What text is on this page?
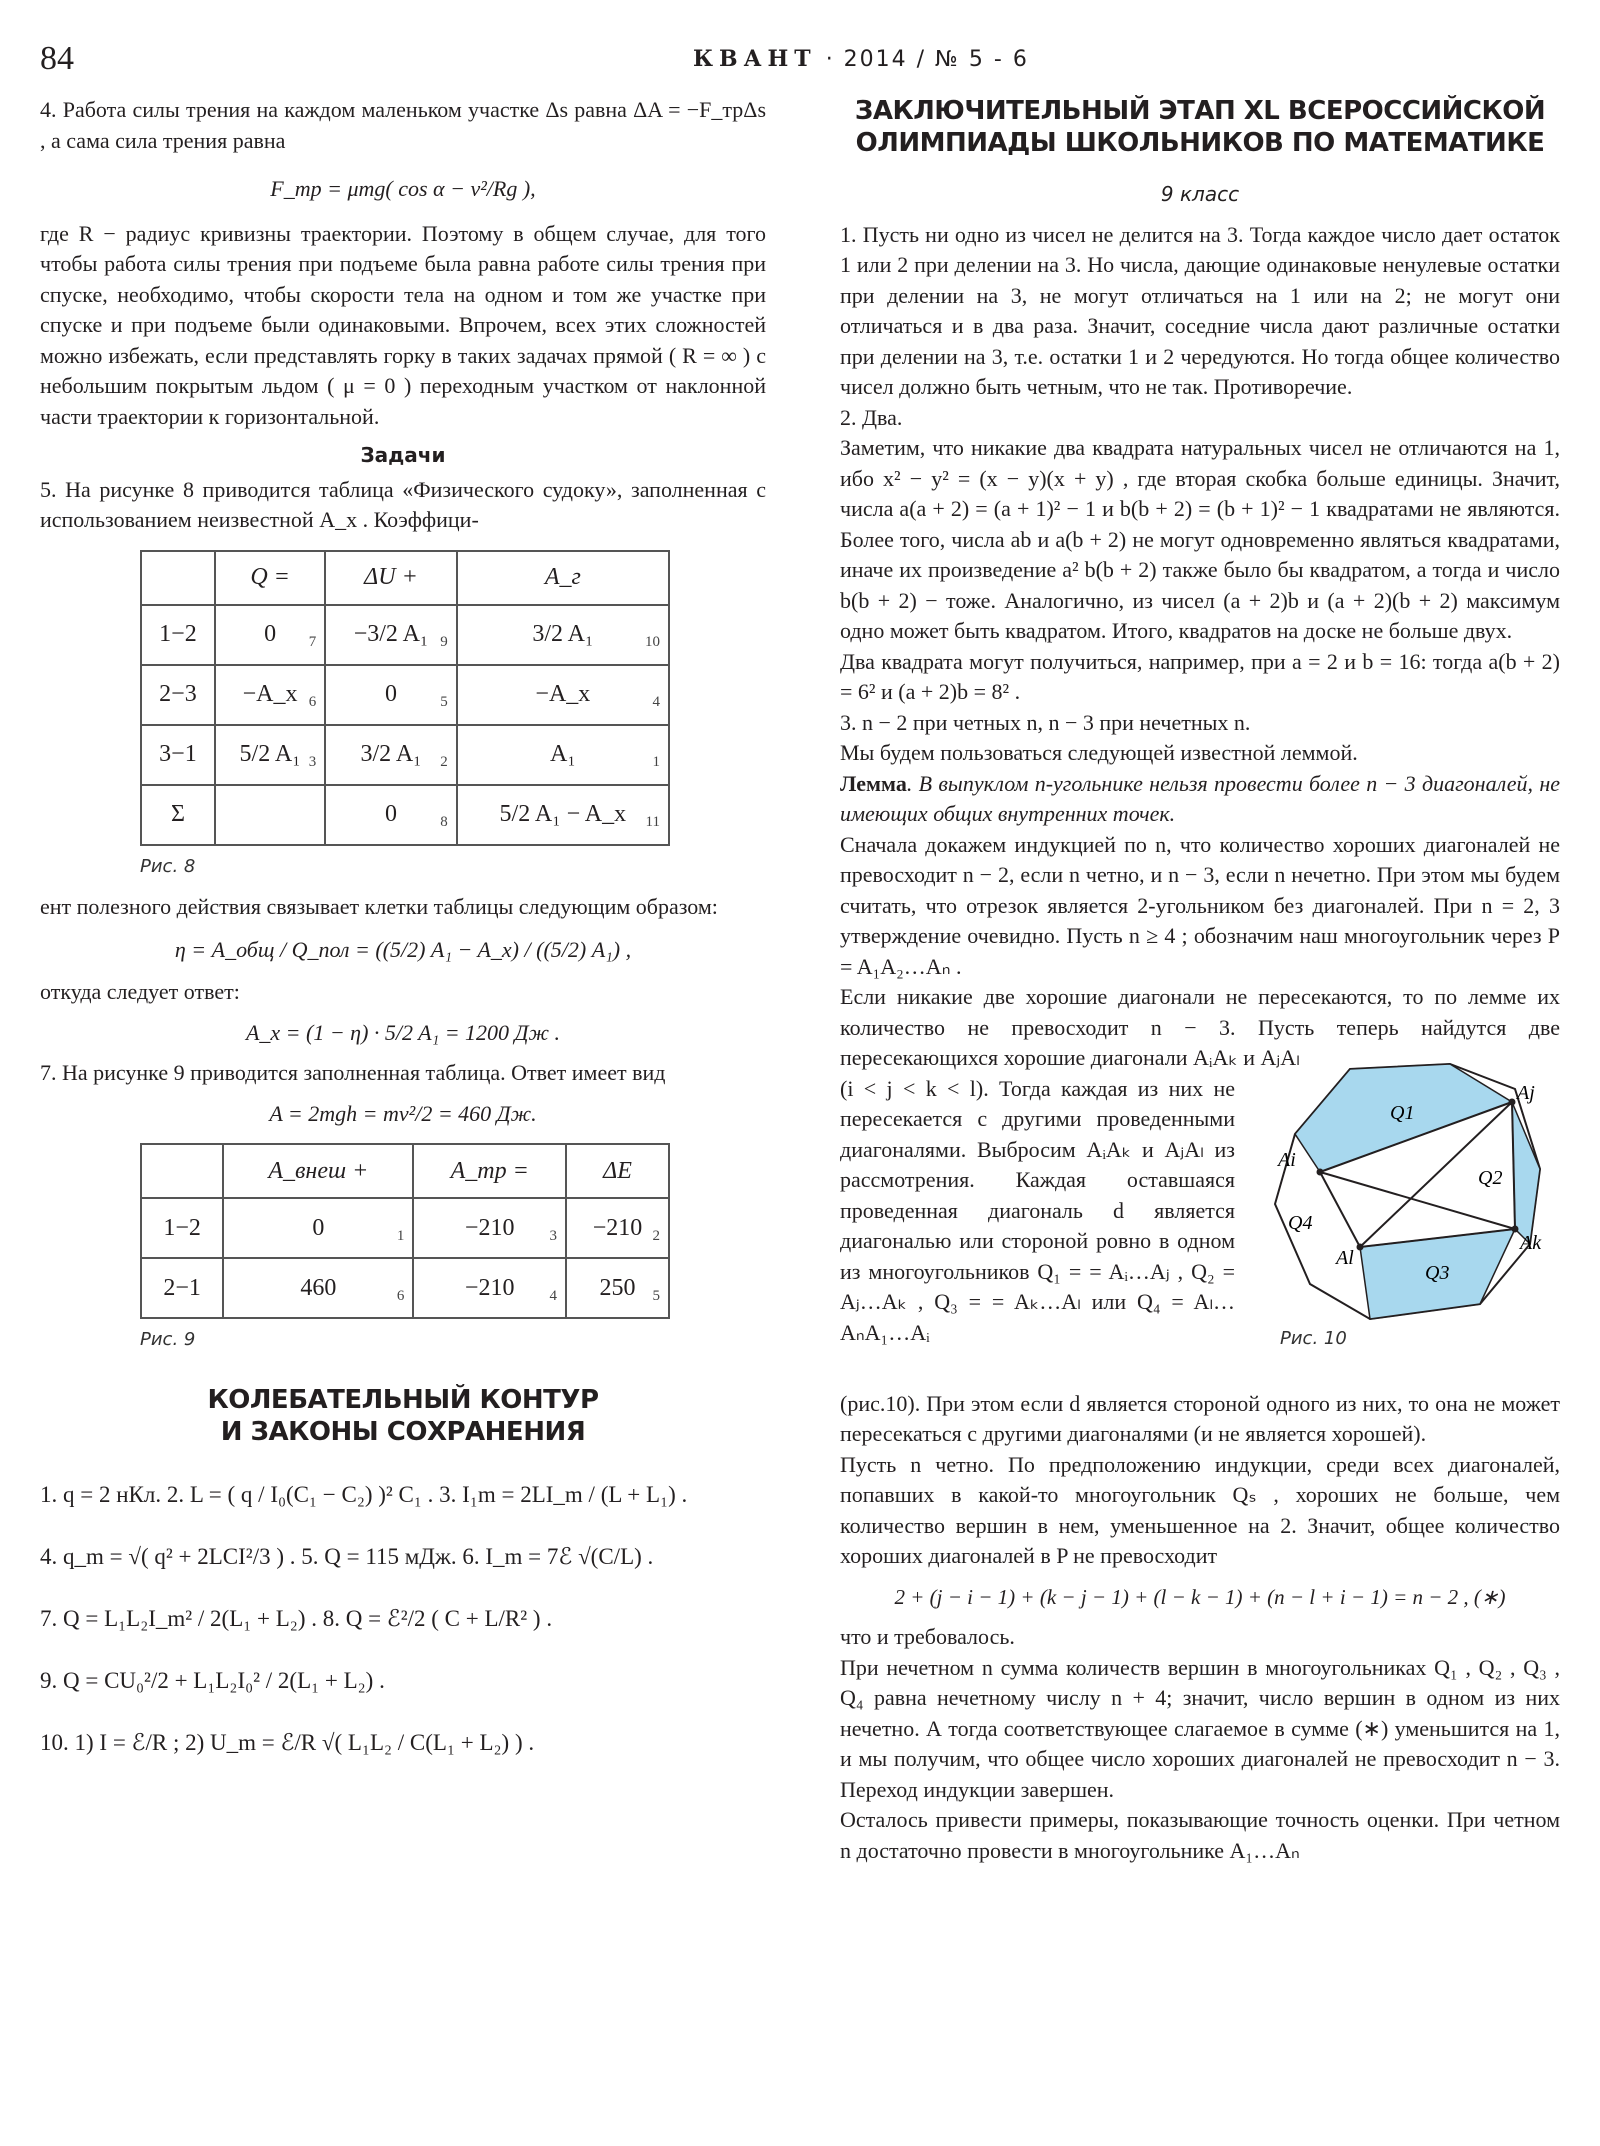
84	КВАНТ · 2014 / № 5 - 6

4. Работа силы трения на каждом маленьком участке Δs равна ΔA = −F_трΔs , а сама сила трения равна

F_тр = μmg( cos α − v²/Rg ),

где R − радиус кривизны траектории. Поэтому в общем случае, для того чтобы работа силы трения при подъеме была равна работе силы трения при спуске, необходимо, чтобы скорости тела на одном и том же участке при спуске и при подъеме были одинаковыми. Впрочем, всех этих сложностей можно избежать, если представлять горку в таких задачах прямой ( R = ∞ ) с небольшим покрытым льдом ( μ = 0 ) переходным участком от наклонной части траектории к горизонтальной.

Задачи

5. На рисунке 8 приводится таблица «Физического судоку», заполненная с использованием неизвестной A_x . Коэффици-

	Q =	ΔU +	A_г
1−2	0 7	−3/2 A₁ 9	3/2 A₁ 10

2−3	−A_x 6	0 5	−A_x 4

3−1	5/2 A₁ 3	3/2 A₁ 2	A₁ 1

Σ		0 8	5/2 A₁ − A_x 11
Рис. 8

ент полезного действия связывает клетки таблицы следующим образом:

η = A_общ / Q_пол = ((5/2) A₁ − A_x) / ((5/2) A₁) ,

откуда следует ответ:

A_x = (1 − η) · 5/2 A₁ = 1200 Дж .

7. На рисунке 9 приводится заполненная таблица. Ответ имеет вид

A = 2mgh = mv²/2 = 460 Дж.
	A_внеш +	A_тр =	ΔE
1−2	0 1	−210 3	−210 2

2−1	460 6	−210 4	250 5
Рис. 9
КОЛЕБАТЕЛЬНЫЙ КОНТУР
И ЗАКОНЫ СОХРАНЕНИЯ
1. q = 2 нКл. 2. L = ( q / I₀(C₁ − C₂) )² C₁ . 3. I₁m = 2LI_m / (L + L₁) .
4. q_m = √( q² + 2LCI²/3 ) . 5. Q = 115 мДж. 6. I_m = 7ℰ √(C/L) .
7. Q = L₁L₂I_m² / 2(L₁ + L₂) . 8. Q = ℰ²/2 ( C + L/R² ) .
9. Q = CU₀²/2 + L₁L₂I₀² / 2(L₁ + L₂) .
10. 1) I = ℰ/R ; 2) U_m = ℰ/R √( L₁L₂ / C(L₁ + L₂) ) .
ЗАКЛЮЧИТЕЛЬНЫЙ ЭТАП XL ВСЕРОССИЙСКОЙ
ОЛИМПИАДЫ ШКОЛЬНИКОВ ПО МАТЕМАТИКЕ
9 класс

1. Пусть ни одно из чисел не делится на 3. Тогда каждое число дает остаток 1 или 2 при делении на 3. Но числа, дающие одинаковые ненулевые остатки при делении на 3, не могут отличаться на 1 или на 2; не могут они отличаться и в два раза. Значит, соседние числа дают различные остатки при делении на 3, т.е. остатки 1 и 2 чередуются. Но тогда общее количество чисел должно быть четным, что не так. Противоречие.

2. Два.

Заметим, что никакие два квадрата натуральных чисел не отличаются на 1, ибо x² − y² = (x − y)(x + y) , где вторая скобка больше единицы. Значит, числа a(a + 2) = (a + 1)² − 1 и b(b + 2) = (b + 1)² − 1 квадратами не являются. Более того, числа ab и a(b + 2) не могут одновременно являться квадратами, иначе их произведение a² b(b + 2) также было бы квадратом, а тогда и число b(b + 2) − тоже. Аналогично, из чисел (a + 2)b и (a + 2)(b + 2) максимум одно может быть квадратом. Итого, квадратов на доске не больше двух.

Два квадрата могут получиться, например, при a = 2 и b = 16: тогда a(b + 2) = 6² и (a + 2)b = 8² .

3. n − 2 при четных n, n − 3 при нечетных n.

Мы будем пользоваться следующей известной леммой.

Лемма. В выпуклом n-угольнике нельзя провести более n − 3 диагоналей, не имеющих общих внутренних точек.

Сначала докажем индукцией по n, что количество хороших диагоналей не превосходит n − 2, если n четно, и n − 3, если n нечетно. При этом мы будем считать, что отрезок является 2-угольником без диагоналей. При n = 2, 3 утверждение очевидно. Пусть n ≥ 4 ; обозначим наш многоугольник через P = A₁A₂…Aₙ .

Если никакие две хорошие диагонали не пересекаются, то по лемме их количество не превосходит n − 3. Пусть теперь найдутся две пересекающихся хорошие диагонали AᵢAₖ и AⱼAₗ

(i < j < k < l). Тогда каждая из них не пересекается с другими проведенными диагоналями. Выбросим AᵢAₖ и AⱼAₗ из рассмотрения. Каждая оставшаяся проведенная диагональ d является диагональю или стороной ровно в одном из многоугольников Q₁ = = Aᵢ…Aⱼ , Q₂ = Aⱼ…Aₖ , Q₃ = = Aₖ…Aₗ или Q₄ = Aₗ…AₙA₁…Aᵢ

Aj
Ai
Ak
Al
Q1
Q2
Q3
Q4
Рис. 10

(рис.10). При этом если d является стороной одного из них, то она не может пересекаться с другими диагоналями (и не является хорошей).

Пусть n четно. По предположению индукции, среди всех диагоналей, попавших в какой-то многоугольник Qₛ , хороших не больше, чем количество вершин в нем, уменьшенное на 2. Значит, общее количество хороших диагоналей в P не превосходит

2 + (j − i − 1) + (k − j − 1) + (l − k − 1) + (n − l + i − 1) = n − 2 , (∗)

что и требовалось.

При нечетном n сумма количеств вершин в многоугольниках Q₁ , Q₂ , Q₃ , Q₄ равна нечетному числу n + 4; значит, число вершин в одном из них нечетно. А тогда соответствующее слагаемое в сумме (∗) уменьшится на 1, и мы получим, что общее число хороших диагоналей не превосходит n − 3. Переход индукции завершен.

Осталось привести примеры, показывающие точность оценки. При четном n достаточно провести в многоугольнике A₁…Aₙ
